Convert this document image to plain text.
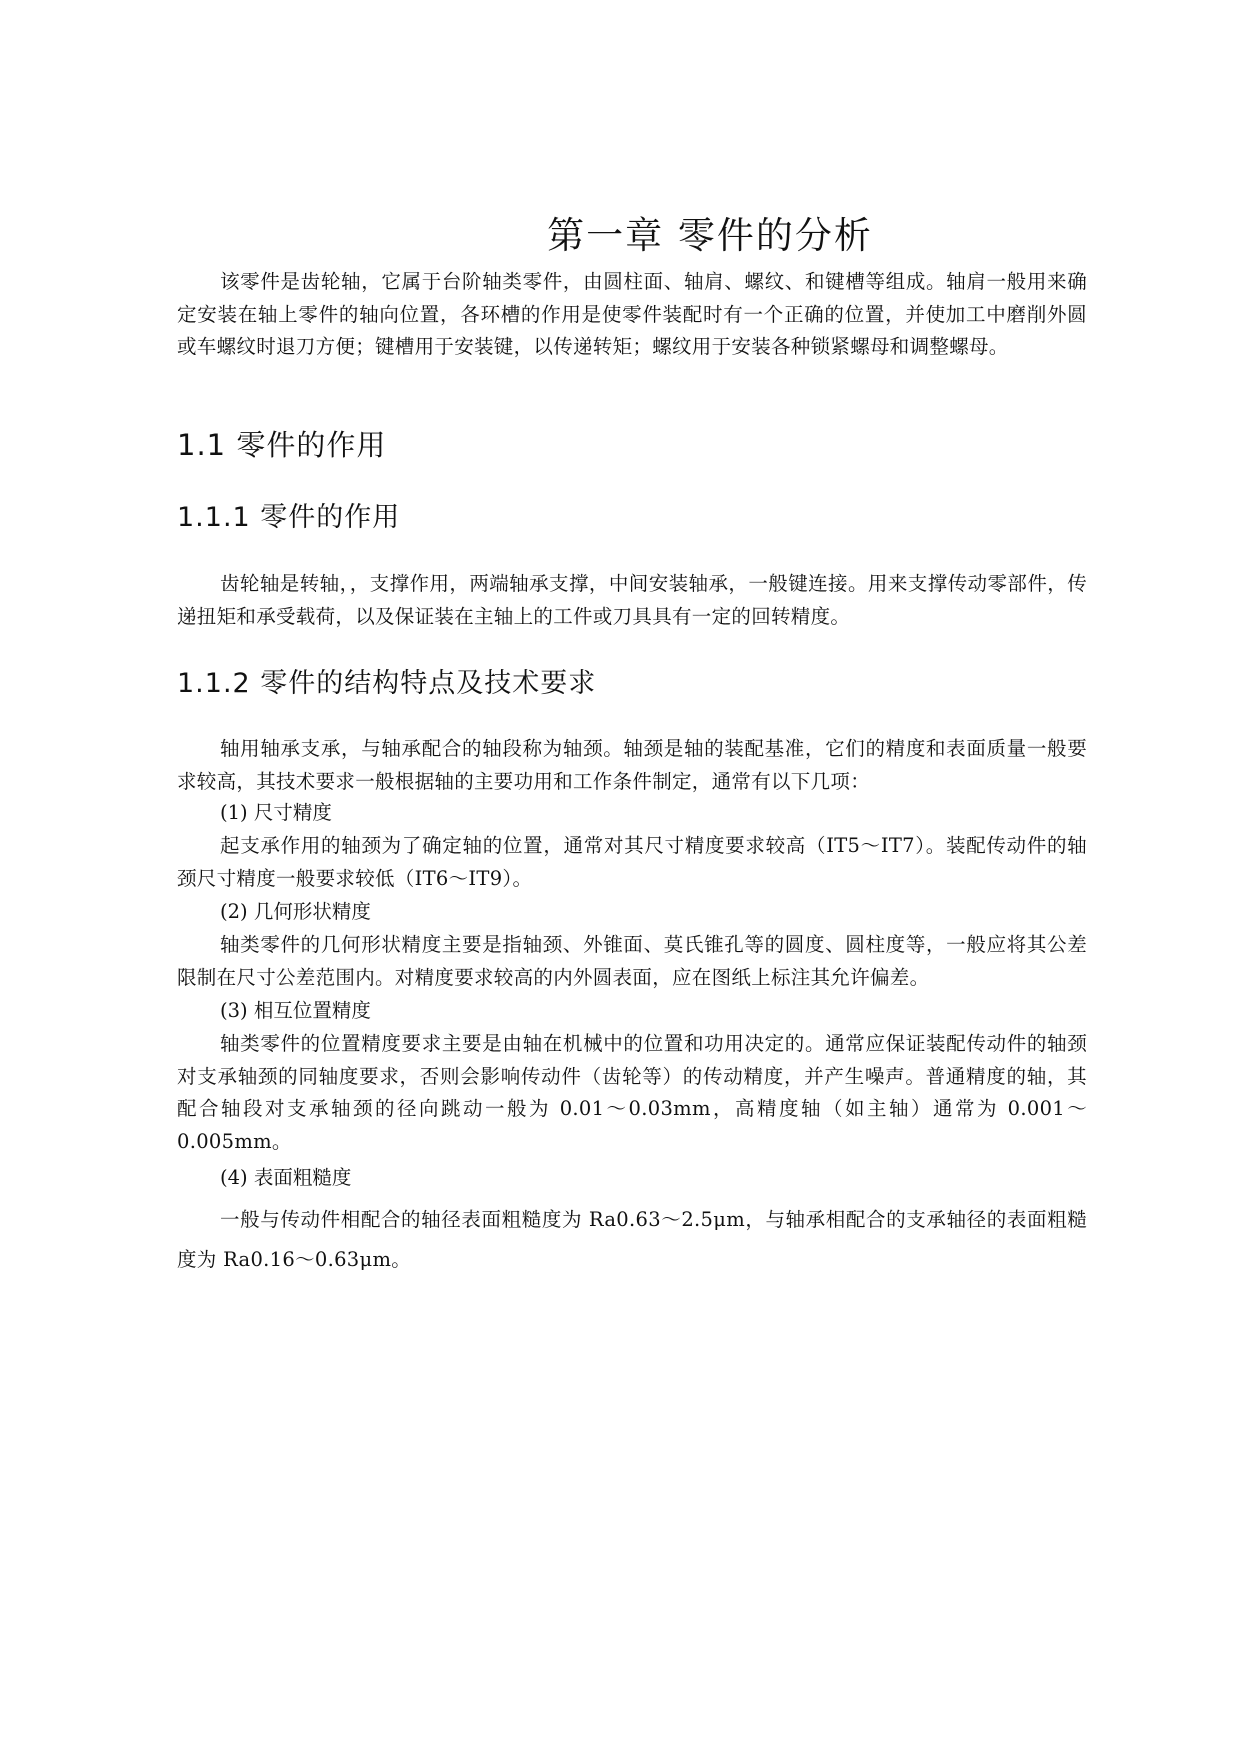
第一章 零件的分析

该零件是齿轮轴，它属于台阶轴类零件，由圆柱面、轴肩、螺纹、和键槽等组成。轴肩一般用来确定安装在轴上零件的轴向位置，各环槽的作用是使零件装配时有一个正确的位置，并使加工中磨削外圆或车螺纹时退刀方便；键槽用于安装键，以传递转矩；螺纹用于安装各种锁紧螺母和调整螺母。

1.1 零件的作用
1.1.1 零件的作用

齿轮轴是转轴，，支撑作用，两端轴承支撑，中间安装轴承，一般键连接。用来支撑传动零部件，传递扭矩和承受载荷，以及保证装在主轴上的工件或刀具具有一定的回转精度。

1.1.2 零件的结构特点及技术要求

轴用轴承支承，与轴承配合的轴段称为轴颈。轴颈是轴的装配基准，它们的精度和表面质量一般要求较高，其技术要求一般根据轴的主要功用和工作条件制定，通常有以下几项：

(1) 尺寸精度

起支承作用的轴颈为了确定轴的位置，通常对其尺寸精度要求较高（IT5～IT7）。装配传动件的轴颈尺寸精度一般要求较低（IT6～IT9）。

(2) 几何形状精度

轴类零件的几何形状精度主要是指轴颈、外锥面、莫氏锥孔等的圆度、圆柱度等，一般应将其公差限制在尺寸公差范围内。对精度要求较高的内外圆表面，应在图纸上标注其允许偏差。

(3) 相互位置精度

轴类零件的位置精度要求主要是由轴在机械中的位置和功用决定的。通常应保证装配传动件的轴颈对支承轴颈的同轴度要求，否则会影响传动件（齿轮等）的传动精度，并产生噪声。普通精度的轴，其配合轴段对支承轴颈的径向跳动一般为 0.01～0.03mm，高精度轴（如主轴）通常为 0.001～0.005mm。

(4) 表面粗糙度

一般与传动件相配合的轴径表面粗糙度为 Ra0.63～2.5μm，与轴承相配合的支承轴径的表面粗糙度为 Ra0.16～0.63μm。
